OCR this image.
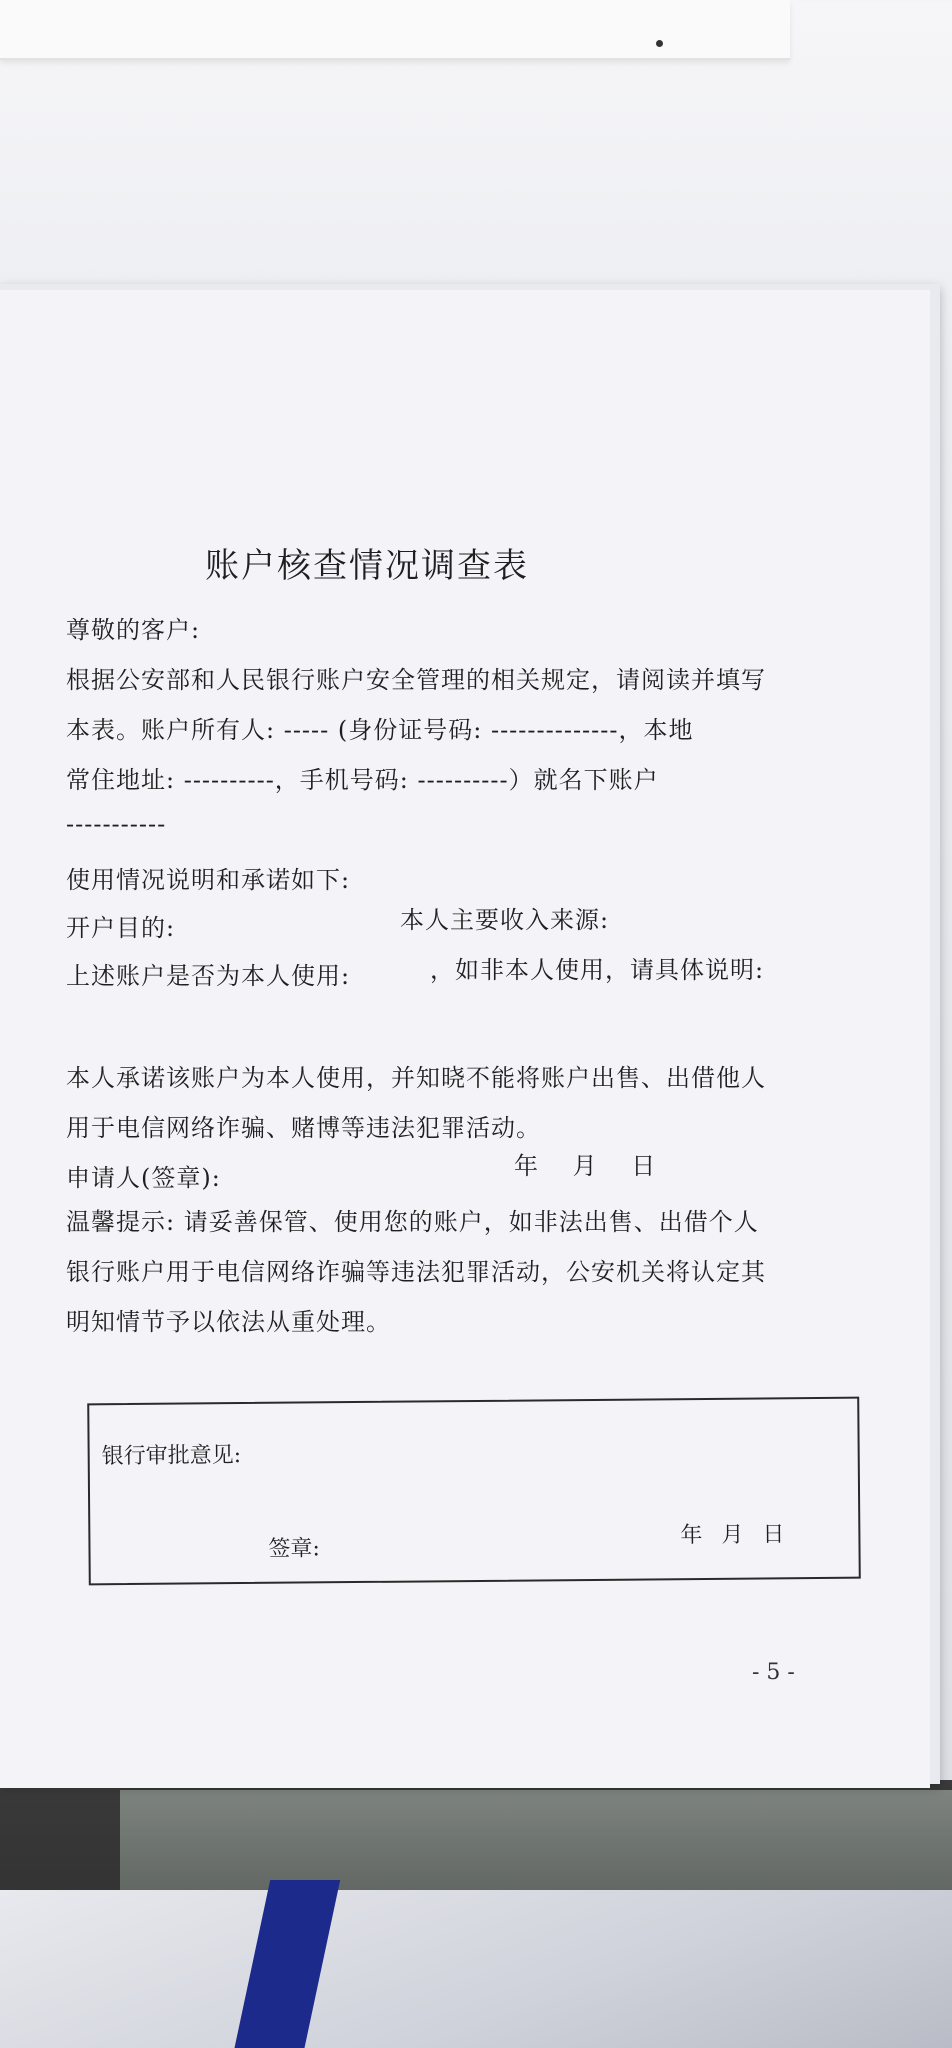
账户核查情况调查表
尊敬的客户:
根据公安部和人民银行账户安全管理的相关规定，请阅读并填写
本表。账户所有人: ----- (身份证号码: --------------，本地
常住地址: ----------，手机号码: ----------）就名下账户
-----------
使用情况说明和承诺如下:
开户目的:	本人主要收入来源:
上述账户是否为本人使用:	，如非本人使用，请具体说明:
本人承诺该账户为本人使用，并知晓不能将账户出售、出借他人
用于电信网络诈骗、赌博等违法犯罪活动。
申请人(签章):	年　 月　 日
温馨提示: 请妥善保管、使用您的账户，如非法出售、出借个人
银行账户用于电信网络诈骗等违法犯罪活动，公安机关将认定其
明知情节予以依法从重处理。
银行审批意见:
签章:
年 月 日
- 5 -
